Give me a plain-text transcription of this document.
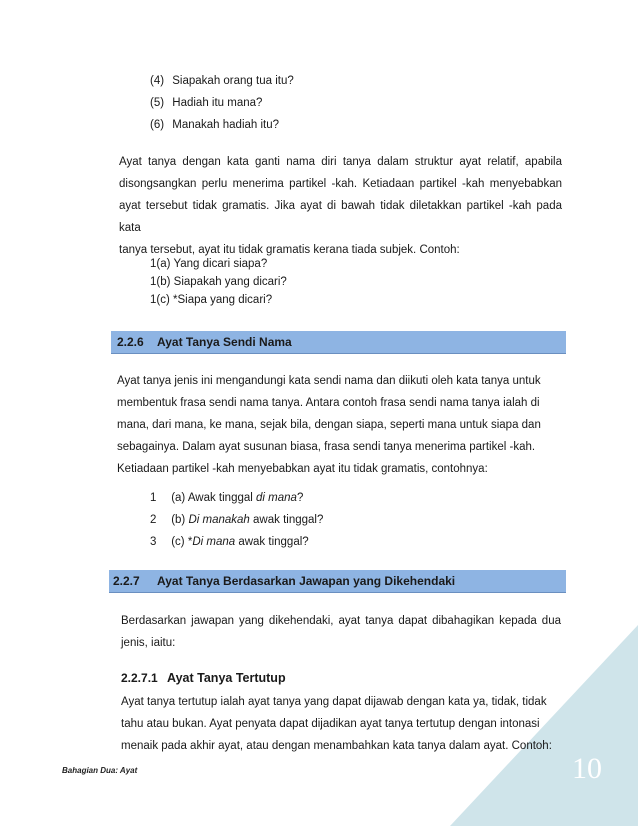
(4) Siapakah orang tua itu?
(5) Hadiah itu mana?
(6) Manakah hadiah itu?
Ayat tanya dengan kata ganti nama diri tanya dalam struktur ayat relatif, apabila
disongsangkan perlu menerima partikel -kah. Ketiadaan partikel -kah menyebabkan
ayat tersebut tidak gramatis. Jika ayat di bawah tidak diletakkan partikel -kah pada kata
tanya tersebut, ayat itu tidak gramatis kerana tiada subjek. Contoh:
1(a) Yang dicari siapa?
1(b) Siapakah yang dicari?
1(c) *Siapa yang dicari?
2.2.6 Ayat Tanya Sendi Nama
Ayat tanya jenis ini mengandungi kata sendi nama dan diikuti oleh kata tanya untuk
membentuk frasa sendi nama tanya. Antara contoh frasa sendi nama tanya ialah di
mana, dari mana, ke mana, sejak bila, dengan siapa, seperti mana untuk siapa dan
sebagainya. Dalam ayat susunan biasa, frasa sendi tanya menerima partikel -kah.
Ketiadaan partikel -kah menyebabkan ayat itu tidak gramatis, contohnya:
1 (a) Awak tinggal di mana?
2 (b) Di manakah awak tinggal?
3 (c) *Di mana awak tinggal?
2.2.7 Ayat Tanya Berdasarkan Jawapan yang Dikehendaki
Berdasarkan jawapan yang dikehendaki, ayat tanya dapat dibahagikan kepada dua
jenis, iaitu:
2.2.7.1 Ayat Tanya Tertutup
Ayat tanya tertutup ialah ayat tanya yang dapat dijawab dengan kata ya, tidak, tidak
tahu atau bukan. Ayat penyata dapat dijadikan ayat tanya tertutup dengan intonasi
menaik pada akhir ayat, atau dengan menambahkan kata tanya dalam ayat. Contoh:
Bahagian Dua: Ayat	10
